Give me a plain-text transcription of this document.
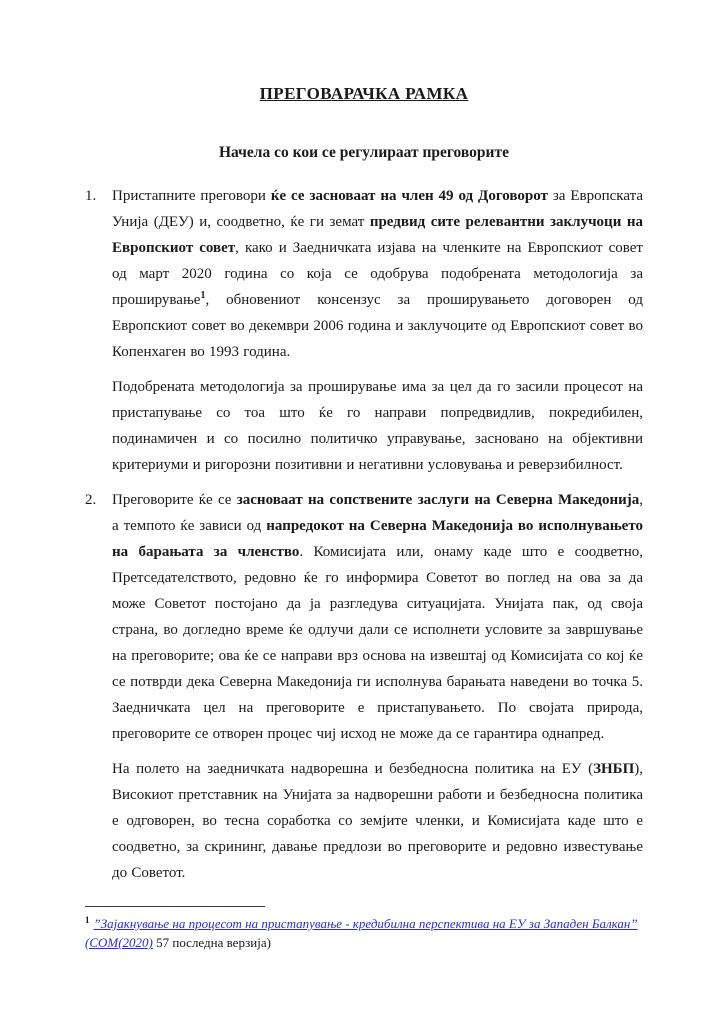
ПРЕГОВАРАЧКА РАМКА
Начела со кои се регулираат преговорите
1. Пристапните преговори ќе се засноваат на член 49 од Договорот за Европската Унија (ДЕУ) и, соодветно, ќе ги земат предвид сите релевантни заклучоци на Европскиот совет, како и Заедничката изјава на членките на Европскиот совет од март 2020 година со која се одобрува подобрената методологија за проширување$^1$, обновениот консензус за проширувањето договорен од Европскиот совет во декември 2006 година и заклучоците од Европскиот совет во Копенхаген во 1993 година.
Подобрената методологија за проширување има за цел да го засили процесот на пристапување со тоа што ќе го направи попредвидлив, покредибилен, подинамичен и со посилно политичко управување, засновано на објективни критериуми и ригорозни позитивни и негативни условувања и реверзибилност.
2. Преговорите ќе се засноваат на сопствените заслуги на Северна Македонија, а темпото ќе зависи од напредокот на Северна Македонија во исполнувањето на барањата за членство. Комисијата или, онаму каде што е соодветно, Претседателството, редовно ќе го информира Советот во поглед на ова за да може Советот постојано да ја разгледува ситуацијата. Унијата пак, од своја страна, во догледно време ќе одлучи дали се исполнети условите за завршување на преговорите; ова ќе се направи врз основа на извештај од Комисијата со кој ќе се потврди дека Северна Македонија ги исполнува барањата наведени во точка 5. Заедничката цел на преговорите е пристапувањето. По својата природа, преговорите се отворен процес чиј исход не може да се гарантира однапред.
На полето на заедничката надворешна и безбедносна политика на ЕУ (ЗНБП), Високиот претставник на Унијата за надворешни работи и безбедносна политика е одговорен, во тесна соработка со земјите членки, и Комисијата каде што е соодветно, за скрининг, давање предлози во преговорите и редовно известување до Советот.
$^1$ ”Зајакнување на процесот на пристапување - кредибилна перспектива на ЕУ за Западен Балкан” (COM(2020) 57 последна верзија)
